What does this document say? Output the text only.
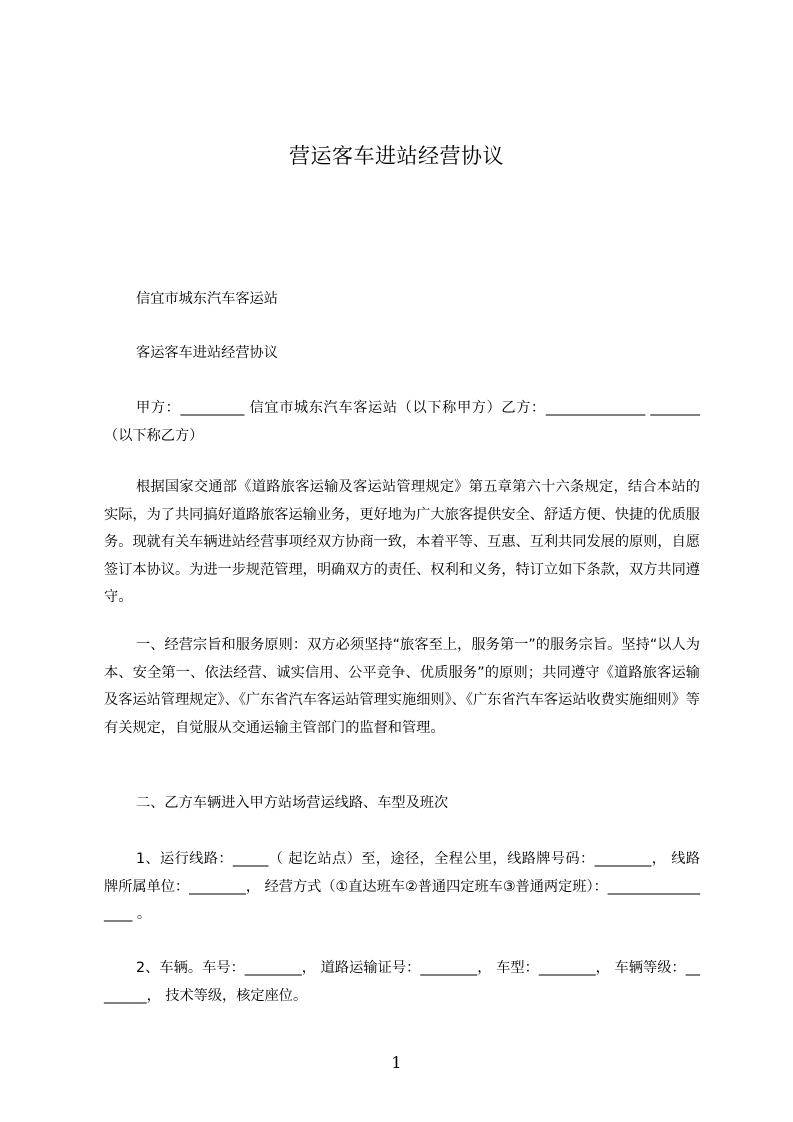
营运客车进站经营协议
信宜市城东汽车客运站
客运客车进站经营协议
甲方：_________ 信宜市城东汽车客运站（以下称甲方）乙方：______________ _______ （以下称乙方）
根据国家交通部《道路旅客运输及客运站管理规定》第五章第六十六条规定，结合本站的实际，为了共同搞好道路旅客运输业务，更好地为广大旅客提供安全、舒适方便、快捷的优质服务。现就有关车辆进站经营事项经双方协商一致，本着平等、互惠、互利共同发展的原则，自愿签订本协议。为进一步规范管理，明确双方的责任、权利和义务，特订立如下条款，双方共同遵守。
一、经营宗旨和服务原则：双方必须坚持“旅客至上，服务第一”的服务宗旨。坚持“以人为本、安全第一、依法经营、诚实信用、公平竞争、优质服务”的原则；共同遵守《道路旅客运输及客运站管理规定》、《广东省汽车客运站管理实施细则》、《广东省汽车客运站收费实施细则》等有关规定，自觉服从交通运输主管部门的监督和管理。
二、乙方车辆进入甲方站场营运线路、车型及班次
1、运行线路：_____（ 起讫站点）至，途径，全程公里，线路牌号码：________， 线路牌所属单位：________， 经营方式（①直达班车②普通四定班车③普通两定班）：_________________ 。
2、车辆。车号：________， 道路运输证号：________， 车型：________， 车辆等级：________， 技术等级，核定座位。
1
